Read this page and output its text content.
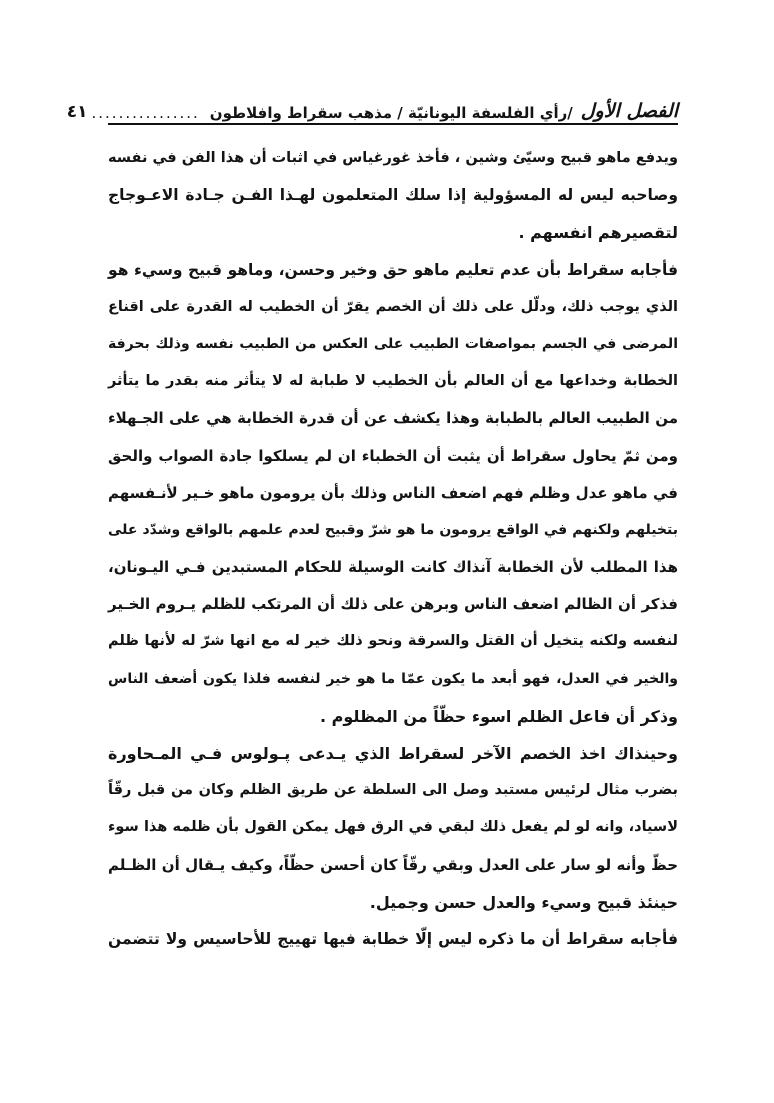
الفصل الأول
/رأي الفلسفة اليونانيّة / مذهب سقراط وافلاطون
................
٤١
ويدفع ماهو قبيح وسيّئ وشين ، فأخذ غورغياس في اثبات أن هذا الفن في نفسه
وصاحبه ليس له المسؤولية إذا سلك المتعلمون لهـذا الفـن جـادة الاعـوجاج
لتقصيرهم انفسهم .
فأجابه سقراط بأن عدم تعليم ماهو حق وخير وحسن، وماهو قبيح وسيء هو
الذي يوجب ذلك، ودلّل على ذلك أن الخصم يقرّ أن الخطيب له القدرة على اقناع
المرضى في الجسم بمواصفات الطبيب على العكس من الطبيب نفسه وذلك بحرفة
الخطابة وخداعها مع أن العالم بأن الخطيب لا طبابة له لا يتأثر منه بقدر ما يتأثر
من الطبيب العالم بالطبابة وهذا يكشف عن أن قدرة الخطابة هي على الجـهلاء
ومن ثمّ يحاول سقراط أن يثبت أن الخطباء ان لم يسلكوا جادة الصواب والحق
في ماهو عدل وظلم فهم اضعف الناس وذلك بأن يرومون ماهو خـير لأنـفسهم
بتخيلهم ولكنهم في الواقع يرومون ما هو شرّ وقبيح لعدم علمهم بالواقع وشدّد على
هذا المطلب لأن الخطابة آنذاك كانت الوسيلة للحكام المستبدين فـي اليـونان،
فذكر أن الظالم اضعف الناس وبرهن على ذلك أن المرتكب للظلم يـروم الخـير
لنفسه ولكنه يتخيل أن القتل والسرقة ونحو ذلك خير له مع انها شرّ له لأنها ظلم
والخير في العدل، فهو أبعد ما يكون عمّا ما هو خير لنفسه فلذا يكون أضعف الناس
وذكر أن فاعل الظلم اسوء حظّاً من المظلوم .
وحينذاك اخذ الخصم الآخر لسقراط الذي يـدعى پـولوس فـي المـحاورة
بضرب مثال لرئيس مستبد وصل الى السلطة عن طريق الظلم وكان من قبل رقّاً
لاسياد، وانه لو لم يفعل ذلك لبقي في الرق فهل يمكن القول بأن ظلمه هذا سوء
حظّ وأنه لو سار على العدل وبقي رقّاً كان أحسن حظّاً، وكيف يـقال أن الظـلم
حينئذ قبيح وسيء والعدل حسن وجميل.
فأجابه سقراط أن ما ذكره ليس إلّا خطابة فيها تهييج للأحاسيس ولا تتضمن
